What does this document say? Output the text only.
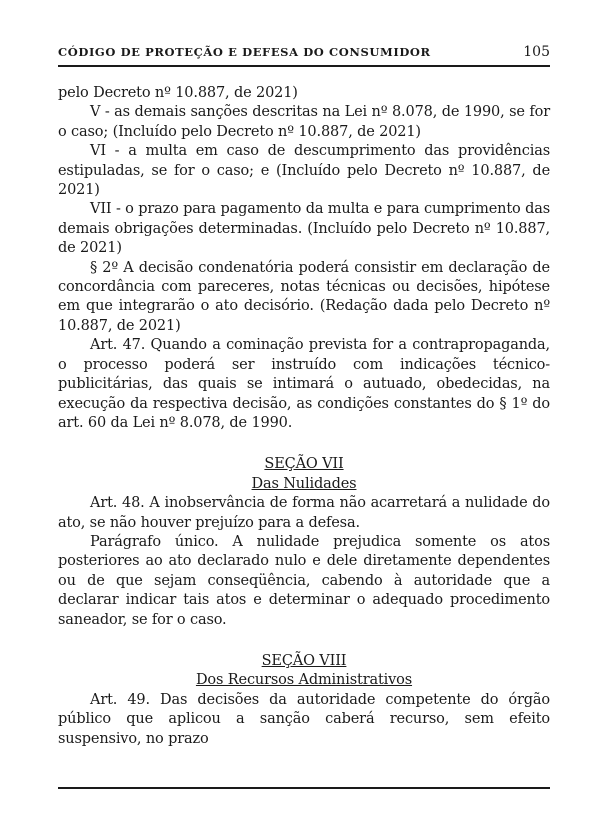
CÓDIGO DE PROTEÇÃO E DEFESA DO CONSUMIDOR	105

pelo Decreto nº 10.887, de 2021)

V - as demais sanções descritas na Lei nº 8.078, de 1990, se for o caso; (Incluído pelo Decreto nº 10.887, de 2021)

VI - a multa em caso de descumprimento das providências estipuladas, se for o caso; e (Incluído pelo Decreto nº 10.887, de 2021)

VII - o prazo para pagamento da multa e para cumprimento das demais obrigações determinadas. (Incluído pelo Decreto nº 10.887, de 2021)

§ 2º A decisão condenatória poderá consistir em declaração de concordância com pareceres, notas técnicas ou decisões, hipótese em que integrarão o ato decisório. (Redação dada pelo Decreto nº 10.887, de 2021)

Art. 47. Quando a cominação prevista for a contrapropaganda, o processo poderá ser instruído com indicações técnico-publicitárias, das quais se intimará o autuado, obedecidas, na execução da respectiva decisão, as condições constantes do § 1º do art. 60 da Lei nº 8.078, de 1990.

SEÇÃO VII
Das Nulidades

Art. 48. A inobservância de forma não acarretará a nulidade do ato, se não houver prejuízo para a defesa.

Parágrafo único. A nulidade prejudica somente os atos posteriores ao ato declarado nulo e dele diretamente dependentes ou de que sejam conseqüência, cabendo à autoridade que a declarar indicar tais atos e determinar o adequado procedimento saneador, se for o caso.

SEÇÃO VIII
Dos Recursos Administrativos

Art. 49. Das decisões da autoridade competente do órgão público que aplicou a sanção caberá recurso, sem efeito suspensivo, no prazo
